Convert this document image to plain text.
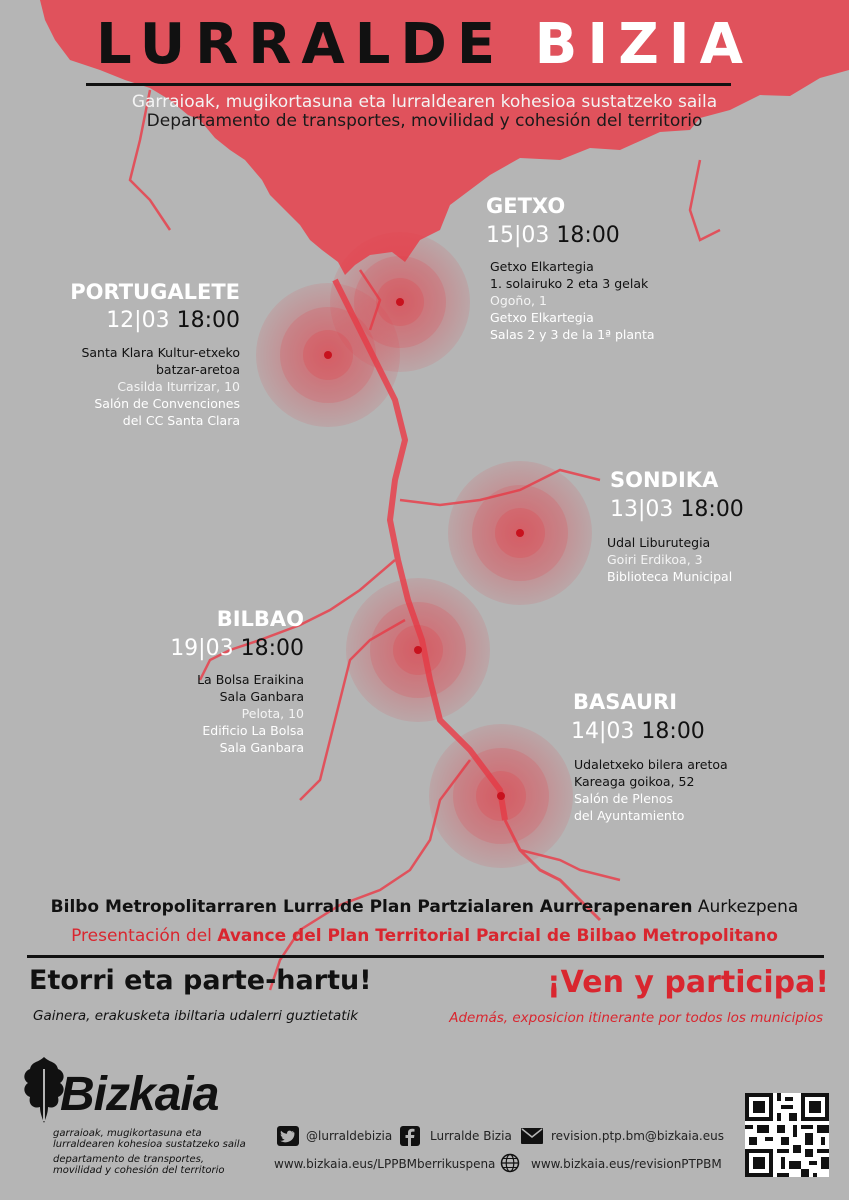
LURRALDE BIZIA
Garraioak, mugikortasuna eta lurraldearen kohesioa sustatzeko saila
Departamento de transportes, movilidad y cohesión del territorio
GETXO
15|03 18:00
Getxo Elkartegia
1. solairuko 2 eta 3 gelak
Ogoño, 1
Getxo Elkartegia
Salas 2 y 3 de la 1ª planta
PORTUGALETE
12|03 18:00
Santa Klara Kultur-etxeko
batzar-aretoa
Casilda Iturrizar, 10
Salón de Convenciones
del CC Santa Clara
SONDIKA
13|03 18:00
Udal Liburutegia
Goiri Erdikoa, 3
Biblioteca Municipal
BILBAO
19|03 18:00
La Bolsa Eraikina
Sala Ganbara
Pelota, 10
Edificio La Bolsa
Sala Ganbara
BASAURI
14|03 18:00
Udaletxeko bilera aretoa
Kareaga goikoa, 52
Salón de Plenos
del Ayuntamiento
Bilbo Metropolitarraren Lurralde Plan Partzialaren Aurrerapenaren Aurkezpena
Presentación del Avance del Plan Territorial Parcial de Bilbao Metropolitano
Etorri eta parte-hartu!
Gainera, erakusketa ibiltaria udalerri guztietatik
¡Ven y participa!
Además, exposicion itinerante por todos los municipios
Bizkaia
garraioak, mugikortasuna eta
lurraldearen kohesioa sustatzeko saila
departamento de transportes,
movilidad y cohesión del territorio
@lurraldebizia	Lurralde Bizia	revision.ptp.bm@bizkaia.eus
www.bizkaia.eus/LPPBMberrikuspena	www.bizkaia.eus/revisionPTPBM
